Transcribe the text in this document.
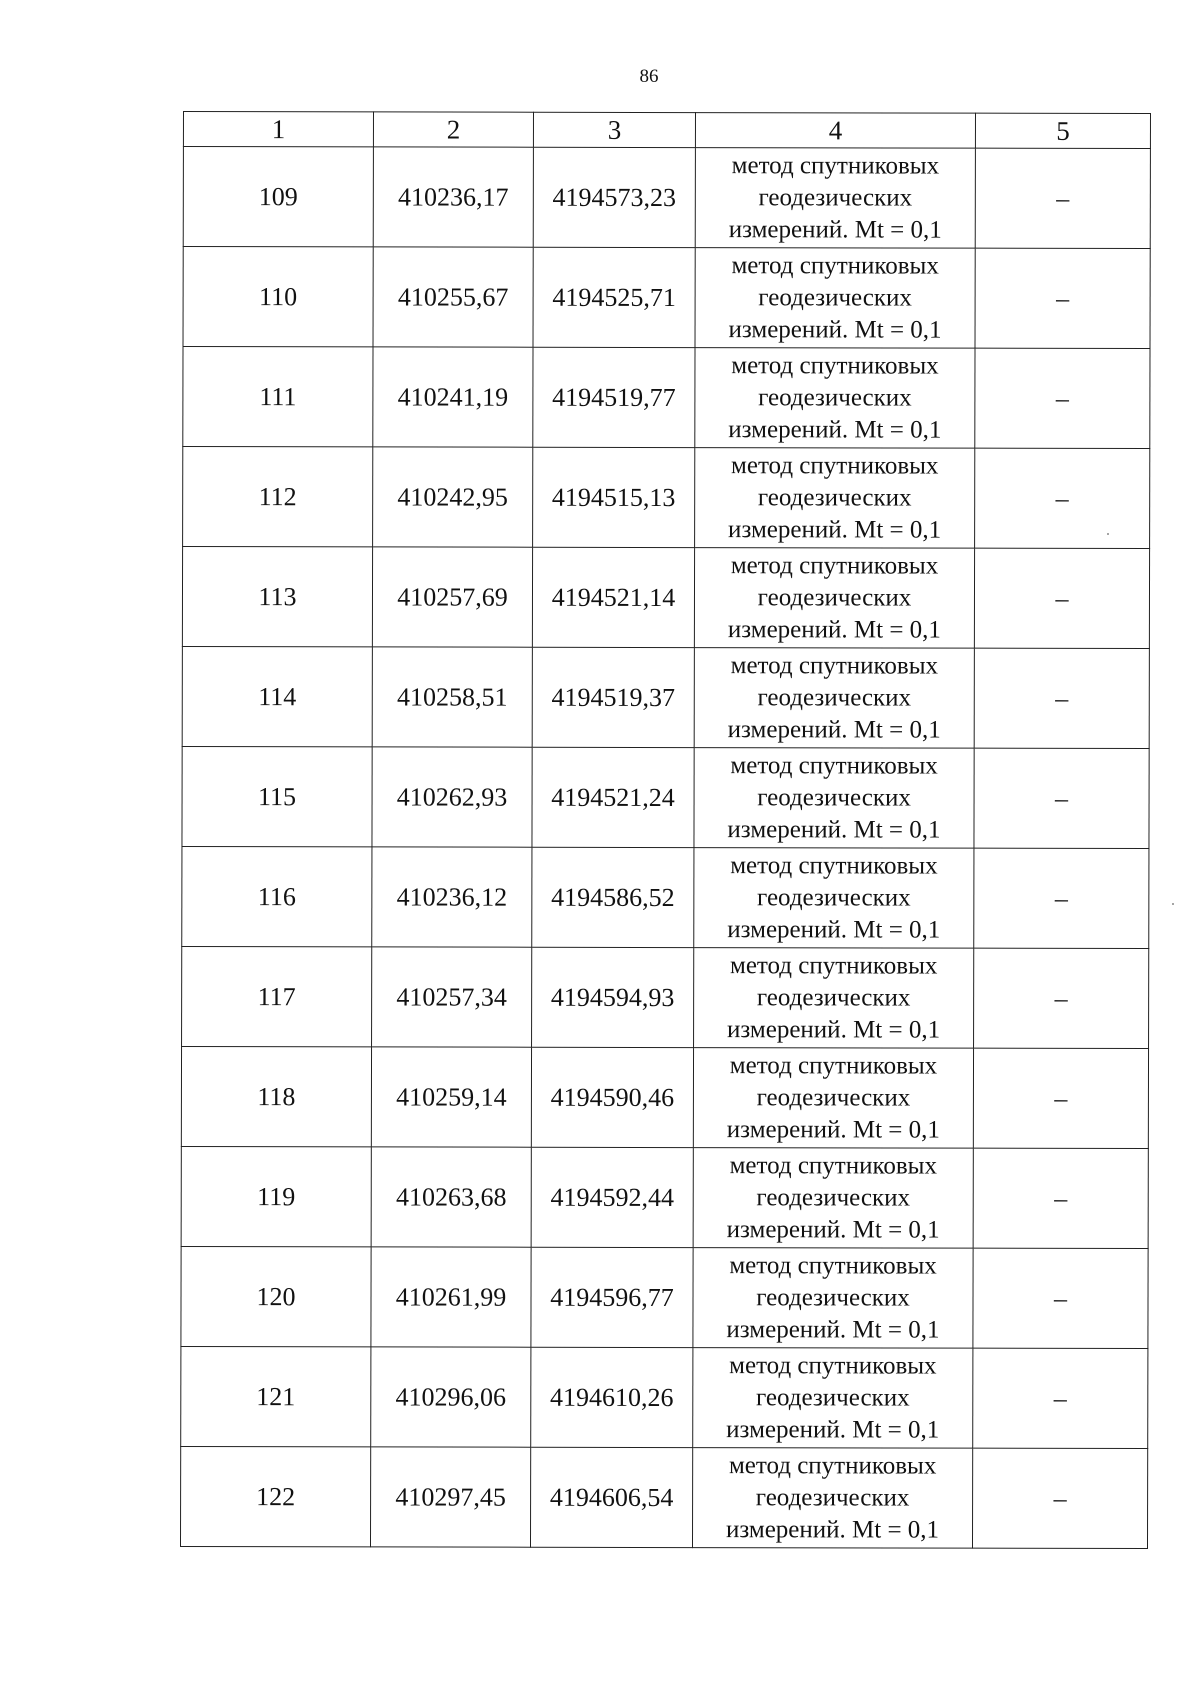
86
1	2	3	4	5
109	410236,17	4194573,23	метод спутниковых геодезических измерений. Mt = 0,1	–
110	410255,67	4194525,71	метод спутниковых геодезических измерений. Mt = 0,1	–
111	410241,19	4194519,77	метод спутниковых геодезических измерений. Mt = 0,1	–
112	410242,95	4194515,13	метод спутниковых геодезических измерений. Mt = 0,1	–
113	410257,69	4194521,14	метод спутниковых геодезических измерений. Mt = 0,1	–
114	410258,51	4194519,37	метод спутниковых геодезических измерений. Mt = 0,1	–
115	410262,93	4194521,24	метод спутниковых геодезических измерений. Mt = 0,1	–
116	410236,12	4194586,52	метод спутниковых геодезических измерений. Mt = 0,1	–
117	410257,34	4194594,93	метод спутниковых геодезических измерений. Mt = 0,1	–
118	410259,14	4194590,46	метод спутниковых геодезических измерений. Mt = 0,1	–
119	410263,68	4194592,44	метод спутниковых геодезических измерений. Mt = 0,1	–
120	410261,99	4194596,77	метод спутниковых геодезических измерений. Mt = 0,1	–
121	410296,06	4194610,26	метод спутниковых геодезических измерений. Mt = 0,1	–
122	410297,45	4194606,54	метод спутниковых геодезических измерений. Mt = 0,1	–
